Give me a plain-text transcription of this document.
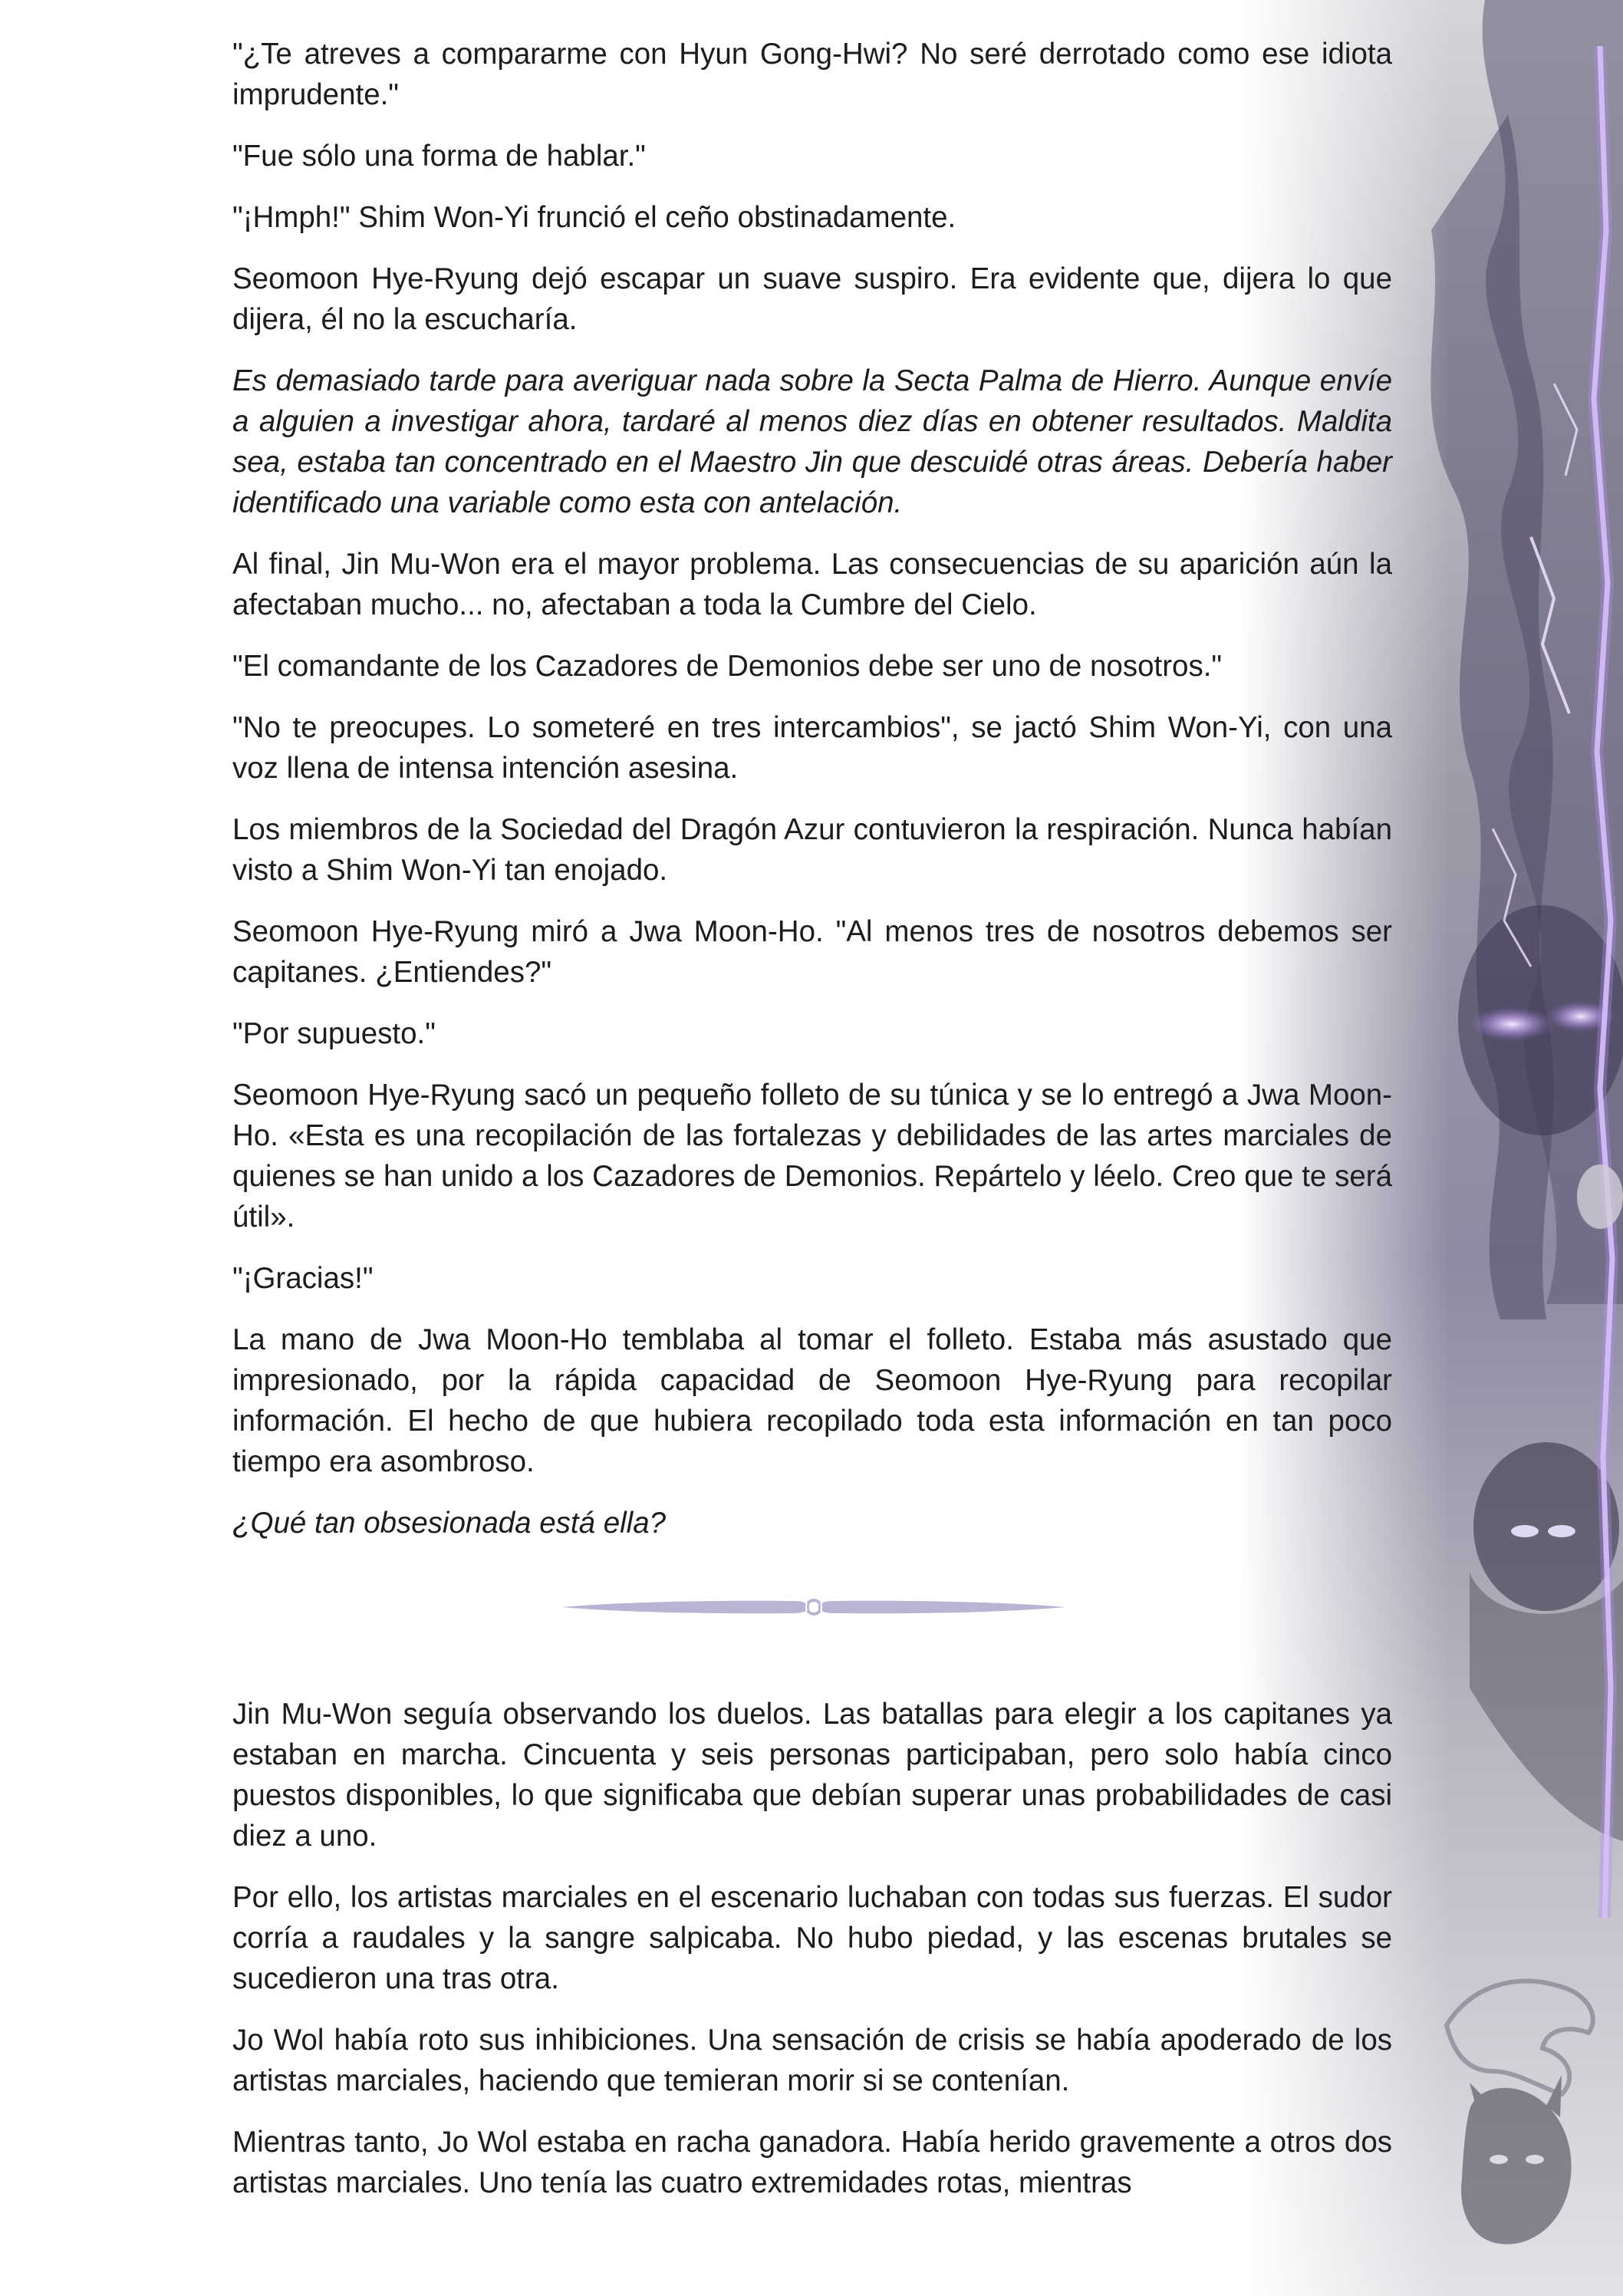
"¿Te atreves a compararme con Hyun Gong-Hwi? No seré derrotado como ese idiota imprudente."

"Fue sólo una forma de hablar."

"¡Hmph!" Shim Won-Yi frunció el ceño obstinadamente.

Seomoon Hye-Ryung dejó escapar un suave suspiro. Era evidente que, dijera lo que dijera, él no la escucharía.

Es demasiado tarde para averiguar nada sobre la Secta Palma de Hierro. Aunque envíe a alguien a investigar ahora, tardaré al menos diez días en obtener resultados. Maldita sea, estaba tan concentrado en el Maestro Jin que descuidé otras áreas. Debería haber identificado una variable como esta con antelación.

Al final, Jin Mu-Won era el mayor problema. Las consecuencias de su aparición aún la afectaban mucho... no, afectaban a toda la Cumbre del Cielo.

"El comandante de los Cazadores de Demonios debe ser uno de nosotros."

"No te preocupes. Lo someteré en tres intercambios", se jactó Shim Won-Yi, con una voz llena de intensa intención asesina.

Los miembros de la Sociedad del Dragón Azur contuvieron la respiración. Nunca habían visto a Shim Won-Yi tan enojado.

Seomoon Hye-Ryung miró a Jwa Moon-Ho. "Al menos tres de nosotros debemos ser capitanes. ¿Entiendes?"

"Por supuesto."

Seomoon Hye-Ryung sacó un pequeño folleto de su túnica y se lo entregó a Jwa Moon-Ho. «Esta es una recopilación de las fortalezas y debilidades de las artes marciales de quienes se han unido a los Cazadores de Demonios. Repártelo y léelo. Creo que te será útil».

"¡Gracias!"

La mano de Jwa Moon-Ho temblaba al tomar el folleto. Estaba más asustado que impresionado, por la rápida capacidad de Seomoon Hye-Ryung para recopilar información. El hecho de que hubiera recopilado toda esta información en tan poco tiempo era asombroso.

¿Qué tan obsesionada está ella?

Jin Mu-Won seguía observando los duelos. Las batallas para elegir a los capitanes ya estaban en marcha. Cincuenta y seis personas participaban, pero solo había cinco puestos disponibles, lo que significaba que debían superar unas probabilidades de casi diez a uno.

Por ello, los artistas marciales en el escenario luchaban con todas sus fuerzas. El sudor corría a raudales y la sangre salpicaba. No hubo piedad, y las escenas brutales se sucedieron una tras otra.

Jo Wol había roto sus inhibiciones. Una sensación de crisis se había apoderado de los artistas marciales, haciendo que temieran morir si se contenían.

Mientras tanto, Jo Wol estaba en racha ganadora. Había herido gravemente a otros dos artistas marciales. Uno tenía las cuatro extremidades rotas, mientras
